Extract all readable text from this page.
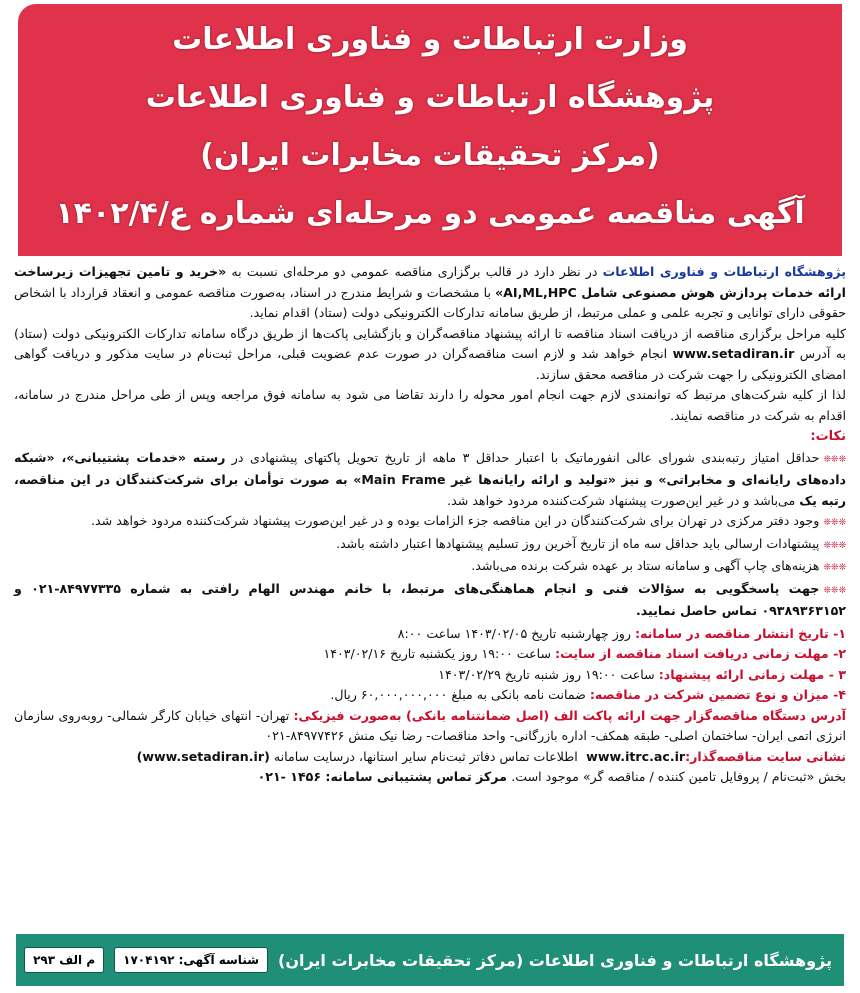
وزارت ارتباطات و فناوری اطلاعات
پژوهشگاه ارتباطات و فناوری اطلاعات
(مرکز تحقیقات مخابرات ایران)
آگهی مناقصه عمومی دو مرحله‌ای شماره ع/۱۴۰۲/۴

پژوهشگاه ارتباطات و فناوری اطلاعات در نظر دارد در قالب برگزاری مناقصه عمومی دو مرحله‌ای نسبت به «خرید و تامین تجهیزات زیرساخت ارائه خدمات پردازش هوش مصنوعی شامل AI,ML,HPC» با مشخصات و شرایط مندرج در اسناد، به‌صورت مناقصه عمومی و انعقاد قرارداد با اشخاص حقوقی دارای توانایی و تجربه علمی و عملی مرتبط، از طریق سامانه تدارکات الکترونیکی دولت (ستاد) اقدام نماید.

کلیه مراحل برگزاری مناقصه از دریافت اسناد مناقصه تا ارائه پیشنهاد مناقصه‌گران و بازگشایی پاکت‌ها از طریق درگاه سامانه تدارکات الکترونیکی دولت (ستاد) به آدرس www.setadiran.ir انجام خواهد شد و لازم است مناقصه‌گران در صورت عدم عضویت قبلی، مراحل ثبت‌نام در سایت مذکور و دریافت گواهی امضای الکترونیکی را جهت شرکت در مناقصه محقق سازند.

لذا از کلیه شرکت‌های مرتبط که توانمندی لازم جهت انجام امور محوله را دارند تقاضا می شود به سامانه فوق مراجعه وپس از طی مراحل مندرج در سامانه، اقدام به شرکت در مناقصه نمایند.

نکات:

❊❊❊حداقل امتیاز رتبه‌بندی شورای عالی انفورماتیک با اعتبار حداقل ۳ ماهه از تاریخ تحویل پاکتهای پیشنهادی در رسته «خدمات پشتیبانی»، «شبکه داده‌های رایانه‌ای و مخابراتی» و نیز «تولید و ارائه رایانه‌ها غیر Main Frame» به صورت توأمان برای شرکت‌کنندگان در این مناقصه، رتبه یک می‌باشد و در غیر این‌صورت پیشنهاد شرکت‌کننده مردود خواهد شد.

❊❊❊وجود دفتر مرکزی در تهران برای شرکت‌کنندگان در این مناقصه جزء الزامات بوده و در غیر این‌صورت پیشنهاد شرکت‌کننده مردود خواهد شد.

❊❊❊پیشنهادات ارسالی باید حداقل سه ماه از تاریخ آخرین روز تسلیم پیشنهادها اعتبار داشته باشد.

❊❊❊هزینه‌های چاپ آگهی و سامانه ستاد بر عهده شرکت برنده می‌باشد.

❊❊❊جهت پاسخگویی به سؤالات فنی و انجام هماهنگی‌های مرتبط، با خانم مهندس الهام رافتی به شماره ۸۴۹۷۷۳۳۵-۰۲۱ و ۰۹۳۸۹۳۶۳۱۵۲ تماس حاصل نمایید.

۱- تاریخ انتشار مناقصه در سامانه: روز چهارشنبه تاریخ ۱۴۰۳/۰۲/۰۵ ساعت ۸:۰۰

۲- مهلت زمانی دریافت اسناد مناقصه از سایت: ساعت ۱۹:۰۰ روز یکشنبه تاریخ ۱۴۰۳/۰۲/۱۶

۳ - مهلت زمانی ارائه پیشنهاد: ساعت ۱۹:۰۰ روز شنبه تاریخ ۱۴۰۳/۰۲/۲۹

۴- میزان و نوع تضمین شرکت در مناقصه: ضمانت نامه بانکی به مبلغ ۶۰,۰۰۰,۰۰۰,۰۰۰ ریال.

آدرس دستگاه مناقصه‌گزار جهت ارائه پاکت الف (اصل ضمانتنامه بانکی) به‌صورت فیزیکی: تهران- انتهای خیابان کارگر شمالی- روبه‌روی سازمان انرژی اتمی ایران- ساختمان اصلی- طبقه همکف- اداره بازرگانی- واحد مناقصات- رضا نیک منش ۸۴۹۷۷۴۲۶-۰۲۱

نشانی سایت مناقصه‌گذار: www.itrc.ac.ir اطلاعات تماس دفاتر ثبت‌نام سایر استانها، درسایت سامانه (www.setadiran.ir)

بخش «ثبت‌نام / پروفایل تامین کننده / مناقصه گر» موجود است. مرکز تماس پشتیبانی سامانه: ۱۴۵۶ -۰۲۱

پژوهشگاه ارتباطات و فناوری اطلاعات (مرکز تحقیقات مخابرات ایران)
شناسه آگهی: ۱۷۰۴۱۹۲
م الف ۲۹۳
